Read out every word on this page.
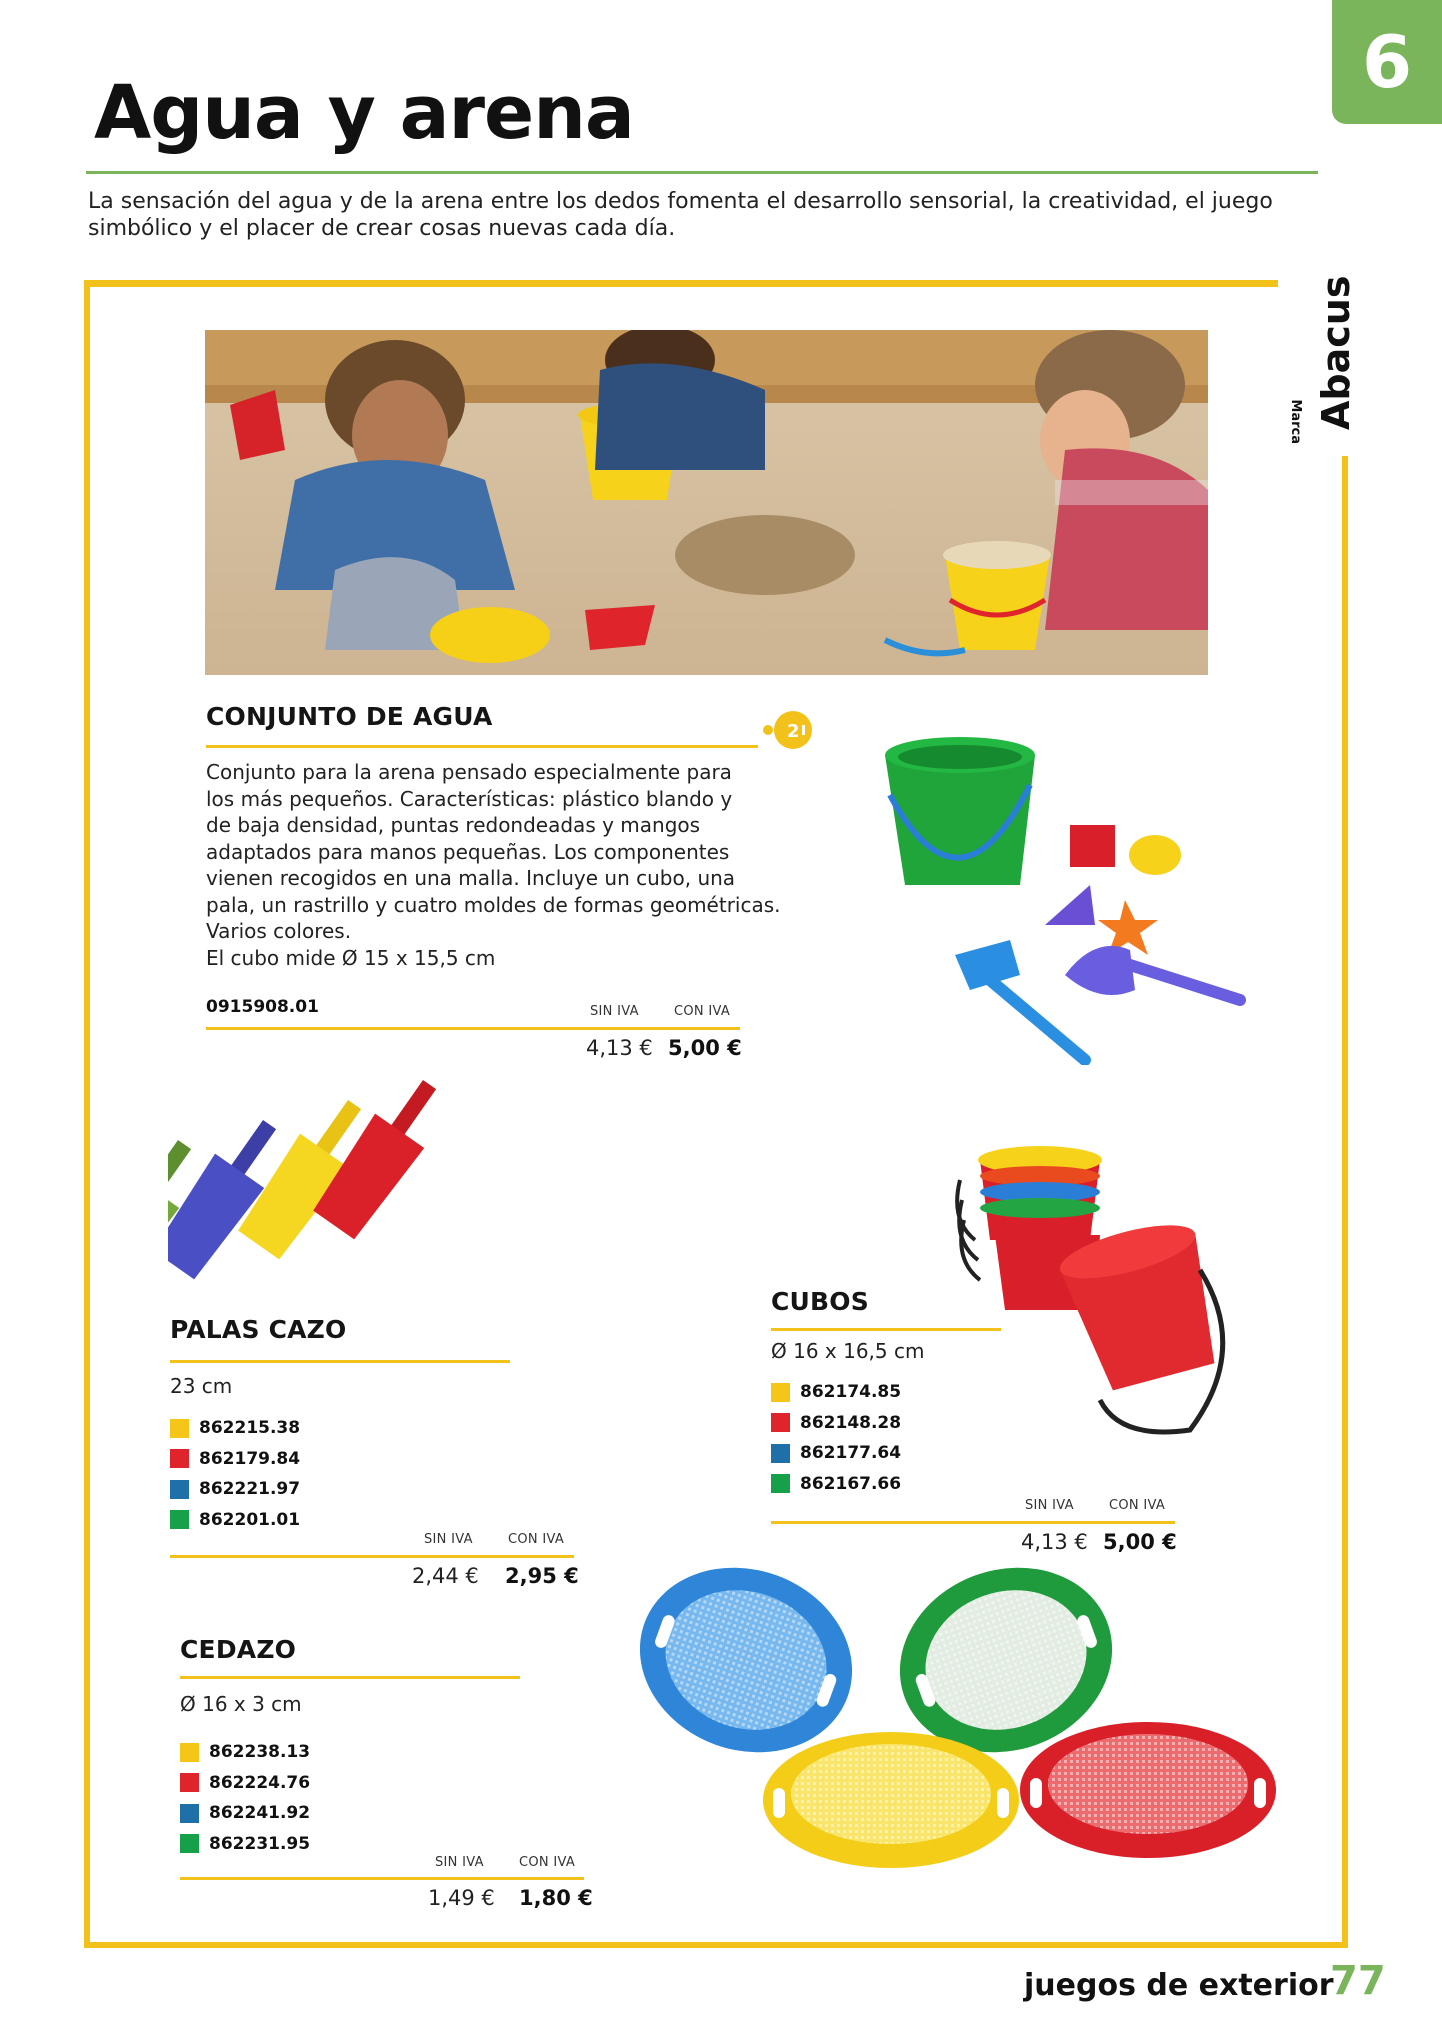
Agua y arena
6

La sensación del agua y de la arena entre los dedos fomenta el desarrollo sensorial, la creatividad, el juego simbólico y el placer de crear cosas nuevas cada día.

Marca Abacus
CONJUNTO DE AGUA
2
Conjunto para la arena pensado especialmente para
los más pequeños. Características: plástico blando y
de baja densidad, puntas redondeadas y mangos
adaptados para manos pequeñas. Los componentes
vienen recogidos en una malla. Incluye un cubo, una
pala, un rastrillo y cuatro moldes de formas geométricas.
Varios colores.
El cubo mide Ø 15 x 15,5 cm
0915908.01	SIN IVA	CON IVA
4,13 € 5,00 €
PALAS CAZO
23 cm
862215.38
862179.84
862221.97
862201.01
SIN IVA	CON IVA
2,44 € 2,95 €
CUBOS
Ø 16 x 16,5 cm
862174.85
862148.28
862177.64
862167.66
SIN IVA	CON IVA
4,13 € 5,00 €
CEDAZO
Ø 16 x 3 cm
862238.13
862224.76
862241.92
862231.95
SIN IVA	CON IVA
1,49 € 1,80 €
juegos de exterior
77
